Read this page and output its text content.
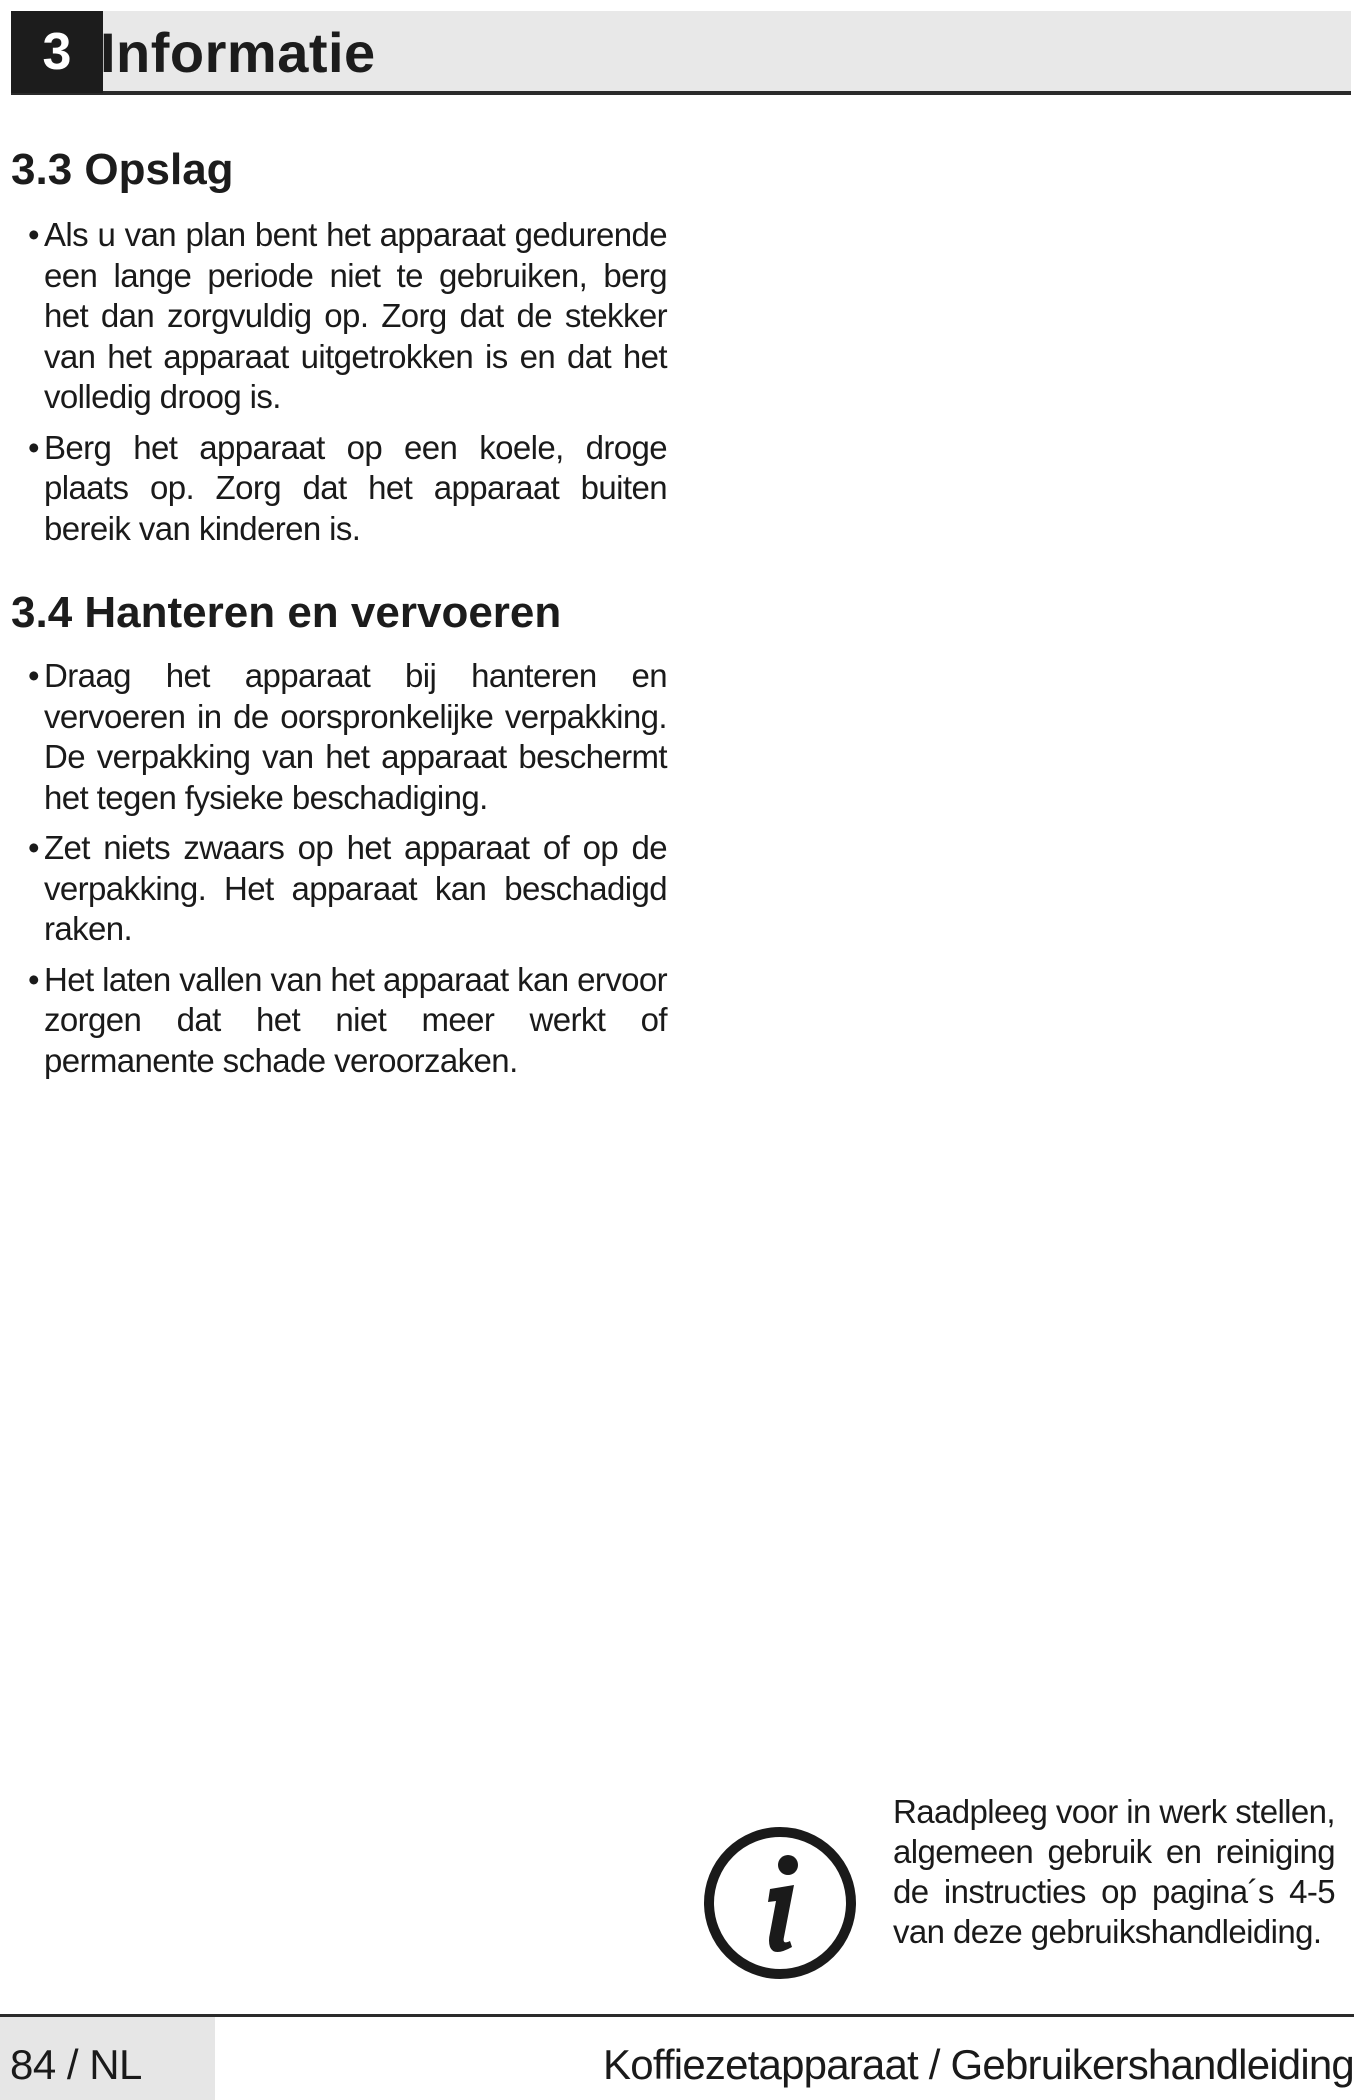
3 Informatie
3.3 Opslag
• Als u van plan bent het apparaat gedurende een lange periode niet te gebruiken, berg het dan zorgvuldig op. Zorg dat de stekker van het apparaat uitgetrokken is en dat het volledig droog is.
• Berg het apparaat op een koele, droge plaats op. Zorg dat het apparaat buiten bereik van kinderen is.
3.4 Hanteren en vervoeren
• Draag het apparaat bij hanteren en vervoeren in de oorspronkelijke verpakking. De verpakking van het apparaat beschermt het tegen fysieke beschadiging.
• Zet niets zwaars op het apparaat of op de verpakking. Het apparaat kan beschadigd raken.
• Het laten vallen van het apparaat kan ervoor zorgen dat het niet meer werkt of permanente schade veroorzaken.

Raadpleeg voor in werk stellen, algemeen gebruik en reiniging de instructies op pagina´s 4-5 van deze gebruikshandleiding.

84 / NL	Koffiezetapparaat / Gebruikershandleiding
